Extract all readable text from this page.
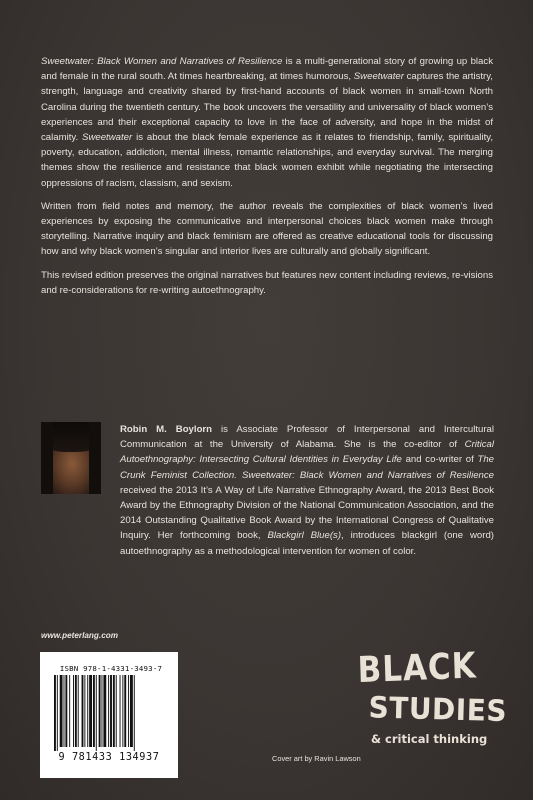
Sweetwater: Black Women and Narratives of Resilience is a multi-generational story of growing up black and female in the rural south. At times heartbreaking, at times humorous, Sweetwater captures the artistry, strength, language and creativity shared by first-hand accounts of black women in small-town North Carolina during the twentieth century. The book uncovers the versatility and universality of black women’s experiences and their exceptional capacity to love in the face of adversity, and hope in the midst of calamity. Sweetwater is about the black female experience as it relates to friendship, family, spirituality, poverty, education, addiction, mental illness, romantic relationships, and everyday survival. The merging themes show the resilience and resistance that black women exhibit while negotiating the intersecting oppressions of racism, classism, and sexism.

Written from field notes and memory, the author reveals the complexities of black women’s lived experiences by exposing the communicative and interpersonal choices black women make through storytelling. Narrative inquiry and black feminism are offered as creative educational tools for discussing how and why black women’s singular and interior lives are culturally and globally significant.

This revised edition preserves the original narratives but features new content including reviews, re-visions and re-considerations for re-writing autoethnography.

Robin M. Boylorn is Associate Professor of Interpersonal and Intercultural Communication at the University of Alabama. She is the co-editor of Critical Autoethnography: Intersecting Cultural Identities in Everyday Life and co-writer of The Crunk Feminist Collection. Sweetwater: Black Women and Narratives of Resilience received the 2013 It’s A Way of Life Narrative Ethnography Award, the 2013 Best Book Award by the Ethnography Division of the National Communication Association, and the 2014 Outstanding Qualitative Book Award by the International Congress of Qualitative Inquiry. Her forthcoming book, Blackgirl Blue(s), introduces blackgirl (one word) autoethnography as a methodological intervention for women of color.
www.peterlang.com
ISBN 978-1-4331-3493-7
9 781433 134937	Cover art by Ravin Lawson
BLACK
STUDIES
& critical thinking
